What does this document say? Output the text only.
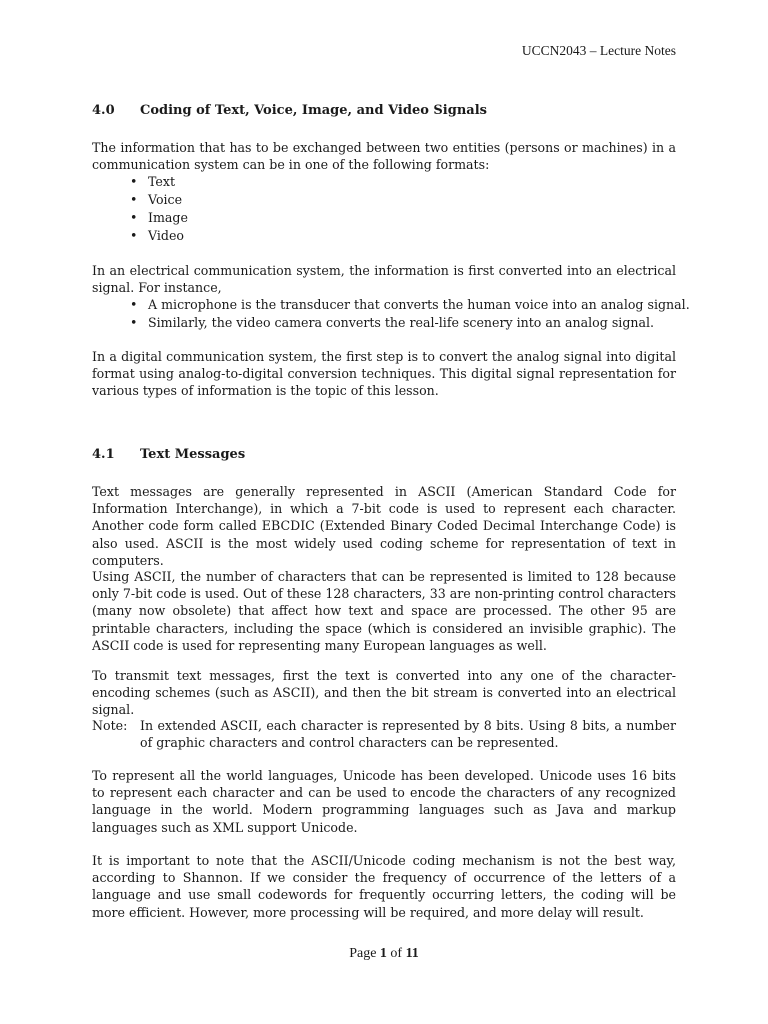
UCCN2043 – Lecture Notes
4.0	Coding of Text, Voice, Image, and Video Signals

The information that has to be exchanged between two entities (persons or machines) in a communication system can be in one of the following formats:

• Text
• Voice
• Image
• Video

In an electrical communication system, the information is first converted into an electrical signal. For instance,

• A microphone is the transducer that converts the human voice into an analog signal.
• Similarly, the video camera converts the real-life scenery into an analog signal.

In a digital communication system, the first step is to convert the analog signal into digital format using analog-to-digital conversion techniques. This digital signal representation for various types of information is the topic of this lesson.

4.1	Text Messages

Text messages are generally represented in ASCII (American Standard Code for Information Interchange), in which a 7-bit code is used to represent each character. Another code form called EBCDIC (Extended Binary Coded Decimal Interchange Code) is also used. ASCII is the most widely used coding scheme for representation of text in computers.

Using ASCII, the number of characters that can be represented is limited to 128 because only 7-bit code is used. Out of these 128 characters, 33 are non-printing control characters (many now obsolete) that affect how text and space are processed. The other 95 are printable characters, including the space (which is considered an invisible graphic). The ASCII code is used for representing many European languages as well.

To transmit text messages, first the text is converted into any one of the character-encoding schemes (such as ASCII), and then the bit stream is converted into an electrical signal.

Note:	In extended ASCII, each character is represented by 8 bits. Using 8 bits, a number of graphic characters and control characters can be represented.

To represent all the world languages, Unicode has been developed. Unicode uses 16 bits to represent each character and can be used to encode the characters of any recognized language in the world. Modern programming languages such as Java and markup languages such as XML support Unicode.

It is important to note that the ASCII/Unicode coding mechanism is not the best way, according to Shannon. If we consider the frequency of occurrence of the letters of a language and use small codewords for frequently occurring letters, the coding will be more efficient. However, more processing will be required, and more delay will result.

Page 1 of 11
